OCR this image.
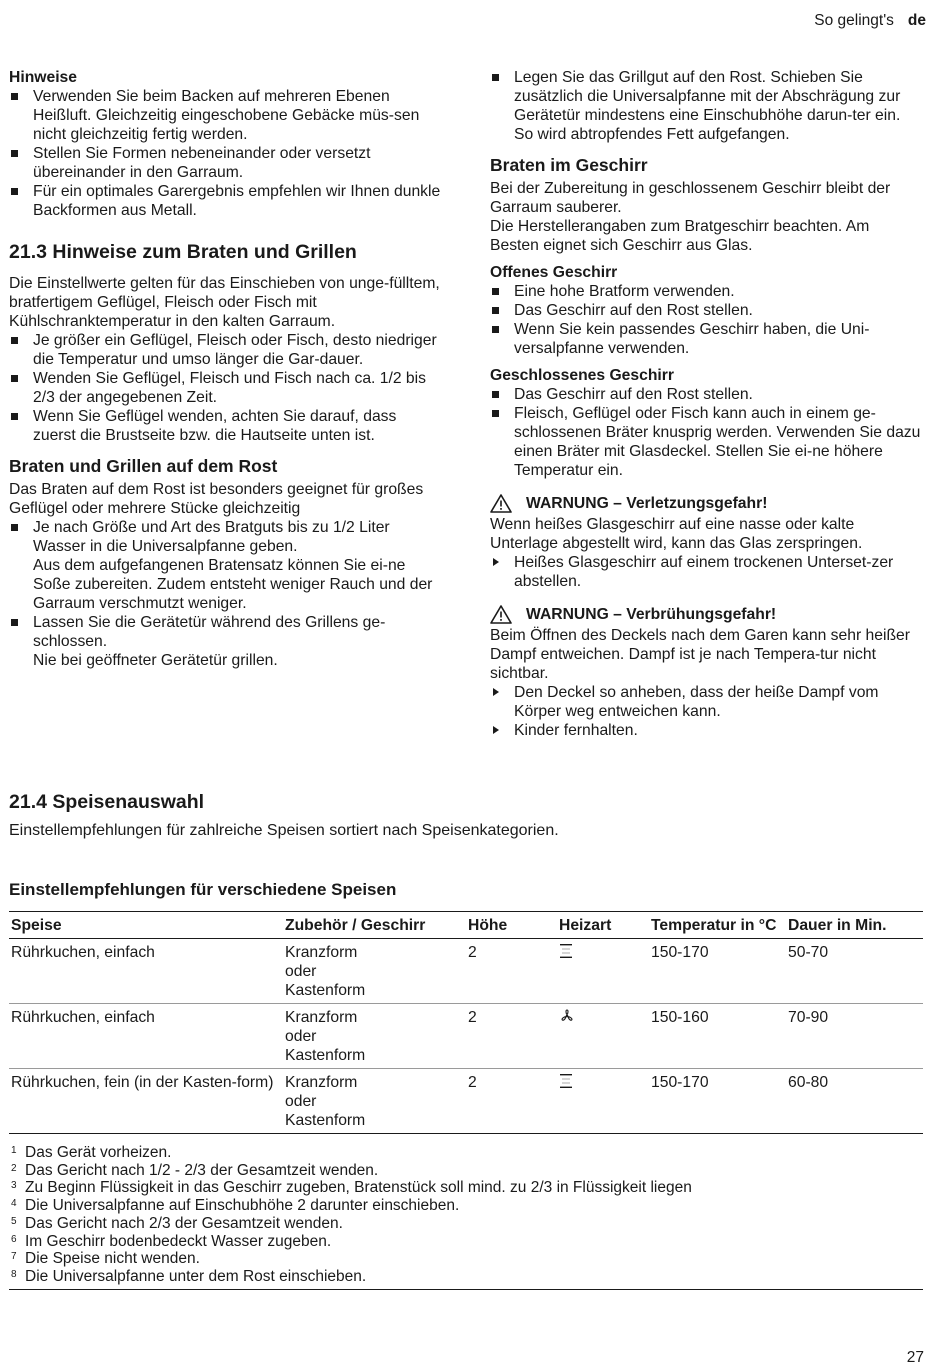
So gelingt's de

Hinweise

Verwenden Sie beim Backen auf mehreren Ebenen Heißluft. Gleichzeitig eingeschobene Gebäcke müs-sen nicht gleichzeitig fertig werden.
Stellen Sie Formen nebeneinander oder versetzt übereinander in den Garraum.
Für ein optimales Garergebnis empfehlen wir Ihnen dunkle Backformen aus Metall.
21.3 Hinweise zum Braten und Grillen

Die Einstellwerte gelten für das Einschieben von unge-fülltem, bratfertigem Geflügel, Fleisch oder Fisch mit Kühlschranktemperatur in den kalten Garraum.

Je größer ein Geflügel, Fleisch oder Fisch, desto niedriger die Temperatur und umso länger die Gar-dauer.
Wenden Sie Geflügel, Fleisch und Fisch nach ca. 1/2 bis 2/3 der angegebenen Zeit.
Wenn Sie Geflügel wenden, achten Sie darauf, dass zuerst die Brustseite bzw. die Hautseite unten ist.
Braten und Grillen auf dem Rost

Das Braten auf dem Rost ist besonders geeignet für großes Geflügel oder mehrere Stücke gleichzeitig

Je nach Größe und Art des Bratguts bis zu 1/2 Liter Wasser in die Universalpfanne geben.
Aus dem aufgefangenen Bratensatz können Sie ei-ne Soße zubereiten. Zudem entsteht weniger Rauch und der Garraum verschmutzt weniger.
Lassen Sie die Gerätetür während des Grillens ge-schlossen.
Nie bei geöffneter Gerätetür grillen.
Legen Sie das Grillgut auf den Rost. Schieben Sie zusätzlich die Universalpfanne mit der Abschrägung zur Gerätetür mindestens eine Einschubhöhe darun-ter ein. So wird abtropfendes Fett aufgefangen.
Braten im Geschirr

Bei der Zubereitung in geschlossenem Geschirr bleibt der Garraum sauberer.

Die Herstellerangaben zum Bratgeschirr beachten. Am Besten eignet sich Geschirr aus Glas.

Offenes Geschirr

Eine hohe Bratform verwenden.
Das Geschirr auf den Rost stellen.
Wenn Sie kein passendes Geschirr haben, die Uni-versalpfanne verwenden.

Geschlossenes Geschirr

Das Geschirr auf den Rost stellen.
Fleisch, Geflügel oder Fisch kann auch in einem ge-schlossenen Bräter knusprig werden. Verwenden Sie dazu einen Bräter mit Glasdeckel. Stellen Sie ei-ne höhere Temperatur ein.
WARNUNG – Verletzungsgefahr!

Wenn heißes Glasgeschirr auf eine nasse oder kalte Unterlage abgestellt wird, kann das Glas zerspringen.

Heißes Glasgeschirr auf einem trockenen Unterset-zer abstellen.
WARNUNG – Verbrühungsgefahr!

Beim Öffnen des Deckels nach dem Garen kann sehr heißer Dampf entweichen. Dampf ist je nach Tempera-tur nicht sichtbar.

Den Deckel so anheben, dass der heiße Dampf vom Körper weg entweichen kann.
Kinder fernhalten.
21.4 Speisenauswahl

Einstellempfehlungen für zahlreiche Speisen sortiert nach Speisenkategorien.

Einstellempfehlungen für verschiedene Speisen
Speise	Zubehör / Geschirr	Höhe	Heizart	Temperatur in °C	Dauer in Min.
Rührkuchen, einfach	Kranzform oder Kastenform	2		150-170	50-70
Rührkuchen, einfach	Kranzform oder Kastenform	2		150-160	70-90
Rührkuchen, fein (in der Kasten-form)	Kranzform oder Kastenform	2		150-170	60-80
1 Das Gerät vorheizen.
2 Das Gericht nach 1/2 - 2/3 der Gesamtzeit wenden.
3 Zu Beginn Flüssigkeit in das Geschirr zugeben, Bratenstück soll mind. zu 2/3 in Flüssigkeit liegen
4 Die Universalpfanne auf Einschubhöhe 2 darunter einschieben.
5 Das Gericht nach 2/3 der Gesamtzeit wenden.
6 Im Geschirr bodenbedeckt Wasser zugeben.
7 Die Speise nicht wenden.
8 Die Universalpfanne unter dem Rost einschieben.
27
